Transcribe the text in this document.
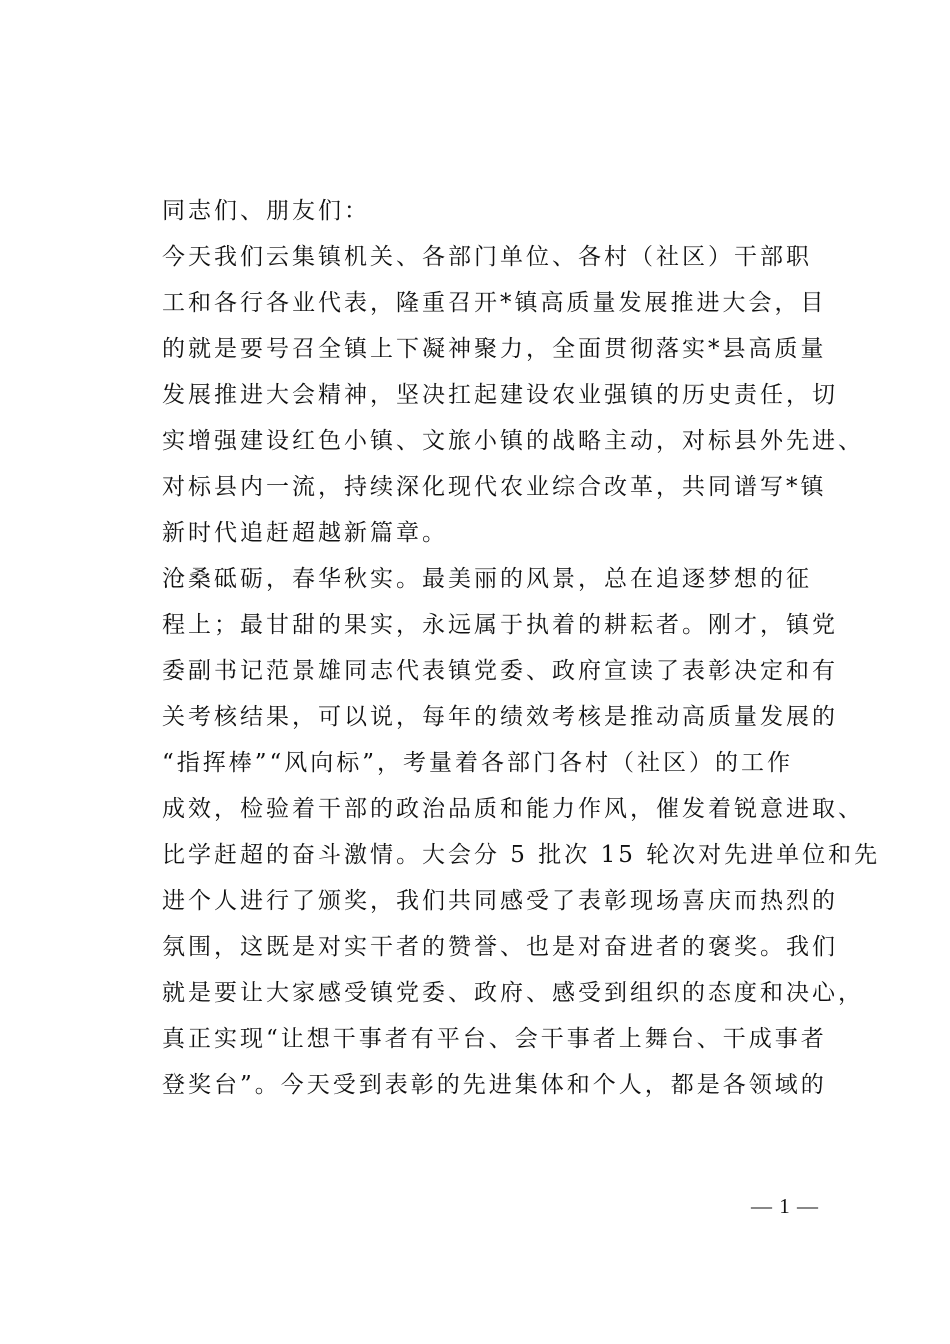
同志们、朋友们：
今天我们云集镇机关、各部门单位、各村（社区）干部职
工和各行各业代表，隆重召开*镇高质量发展推进大会，目
的就是要号召全镇上下凝神聚力，全面贯彻落实*县高质量
发展推进大会精神，坚决扛起建设农业强镇的历史责任，切
实增强建设红色小镇、文旅小镇的战略主动，对标县外先进、
对标县内一流，持续深化现代农业综合改革，共同谱写*镇
新时代追赶超越新篇章。
沧桑砥砺，春华秋实。最美丽的风景，总在追逐梦想的征
程上；最甘甜的果实，永远属于执着的耕耘者。刚才，镇党
委副书记范景雄同志代表镇党委、政府宣读了表彰决定和有
关考核结果，可以说，每年的绩效考核是推动高质量发展的
“指挥棒”“风向标”，考量着各部门各村（社区）的工作
成效，检验着干部的政治品质和能力作风，催发着锐意进取、
比学赶超的奋斗激情。大会分 5 批次 15 轮次对先进单位和先
进个人进行了颁奖，我们共同感受了表彰现场喜庆而热烈的
氛围，这既是对实干者的赞誉、也是对奋进者的褒奖。我们
就是要让大家感受镇党委、政府、感受到组织的态度和决心，
真正实现“让想干事者有平台、会干事者上舞台、干成事者
登奖台”。今天受到表彰的先进集体和个人，都是各领域的
— 1 —
